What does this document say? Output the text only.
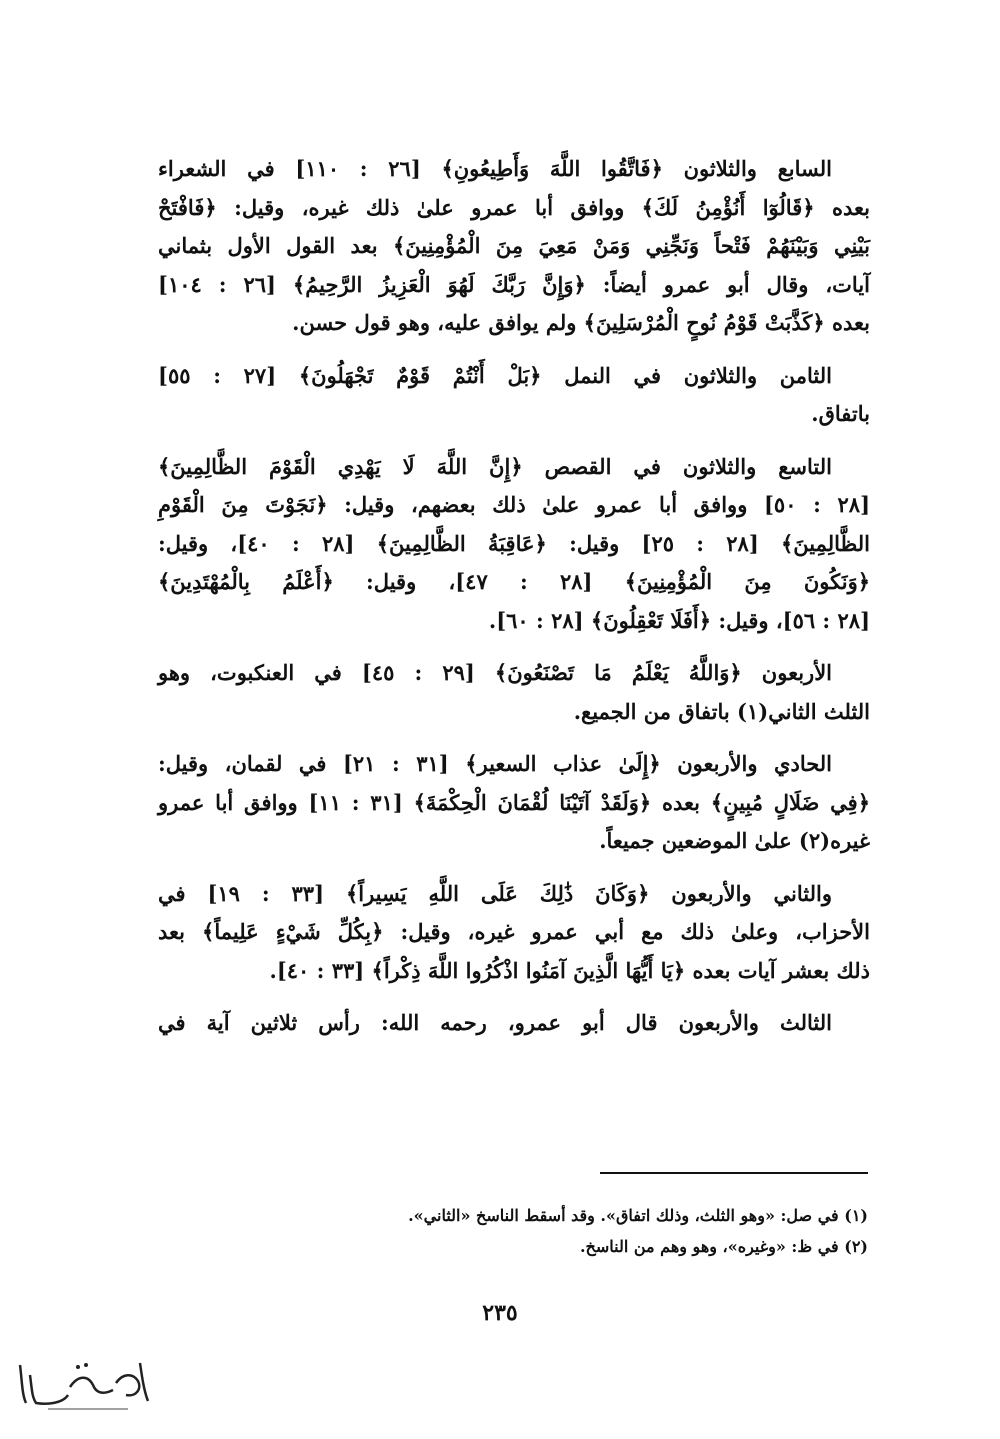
السابع والثلاثون ﴿فَاتَّقُوا اللَّهَ وَأَطِيعُونِ﴾ [٢٦ : ١١٠] في الشعراء
بعده ﴿قَالُوٓا أَنُؤْمِنُ لَكَ﴾ ووافق أبا عمرو علىٰ ذلك غيره، وقيل: ﴿فَافْتَحْ
بَيْنِي وَبَيْنَهُمْ فَتْحاً وَنَجِّنِي وَمَنْ مَعِيَ مِنَ الْمُؤْمِنِينَ﴾ بعد القول الأول بثماني
آيات، وقال أبو عمرو أيضاً: ﴿وَإِنَّ رَبَّكَ لَهُوَ الْعَزِيزُ الرَّحِيمُ﴾ [٢٦ : ١٠٤]
بعده ﴿كَذَّبَتْ قَوْمُ نُوحٍ الْمُرْسَلِينَ﴾ ولم يوافق عليه، وهو قول حسن.
الثامن والثلاثون في النمل ﴿بَلْ أَنْتُمْ قَوْمٌ تَجْهَلُونَ﴾ [٢٧ : ٥٥]
باتفاق.
التاسع والثلاثون في القصص ﴿إِنَّ اللَّهَ لَا يَهْدِي الْقَوْمَ الظَّالِمِينَ﴾
[٢٨ : ٥٠] ووافق أبا عمرو علىٰ ذلك بعضهم، وقيل: ﴿نَجَوْتَ مِنَ الْقَوْمِ
الظَّالِمِينَ﴾ [٢٨ : ٢٥] وقيل: ﴿عَاقِبَةُ الظَّالِمِينَ﴾ [٢٨ : ٤٠]، وقيل:
﴿وَنَكُونَ مِنَ الْمُؤْمِنِينَ﴾ [٢٨ : ٤٧]، وقيل: ﴿أَعْلَمُ بِالْمُهْتَدِينَ﴾
[٢٨ : ٥٦]، وقيل: ﴿أَفَلَا تَعْقِلُونَ﴾ [٢٨ : ٦٠].
الأربعون ﴿وَاللَّهُ يَعْلَمُ مَا تَصْنَعُونَ﴾ [٢٩ : ٤٥] في العنكبوت، وهو
الثلث الثاني(١) باتفاق من الجميع.
الحادي والأربعون ﴿إِلَىٰ عذاب السعير﴾ [٣١ : ٢١] في لقمان، وقيل:
﴿فِي ضَلَالٍ مُبِينٍ﴾ بعده ﴿وَلَقَدْ آتَيْنَا لُقْمَانَ الْحِكْمَةَ﴾ [٣١ : ١١] ووافق أبا عمرو
غيره(٢) علىٰ الموضعين جميعاً.
والثاني والأربعون ﴿وَكَانَ ذَٰلِكَ عَلَى اللَّهِ يَسِيراً﴾ [٣٣ : ١٩] في
الأحزاب، وعلىٰ ذلك مع أبي عمرو غيره، وقيل: ﴿بِكُلِّ شَيْءٍ عَلِيماً﴾ بعد
ذلك بعشر آيات بعده ﴿يَا أَيُّهَا الَّذِينَ آمَنُوا اذْكُرُوا اللَّهَ ذِكْراً﴾ [٣٣ : ٤٠].
الثالث والأربعون قال أبو عمرو، رحمه الله: رأس ثلاثين آية في
(١) في صل: «وهو الثلث، وذلك اتفاق». وقد أسقط الناسخ «الثاني».
(٢) في ظ: «وغيره»، وهو وهم من الناسخ.
٢٣٥
